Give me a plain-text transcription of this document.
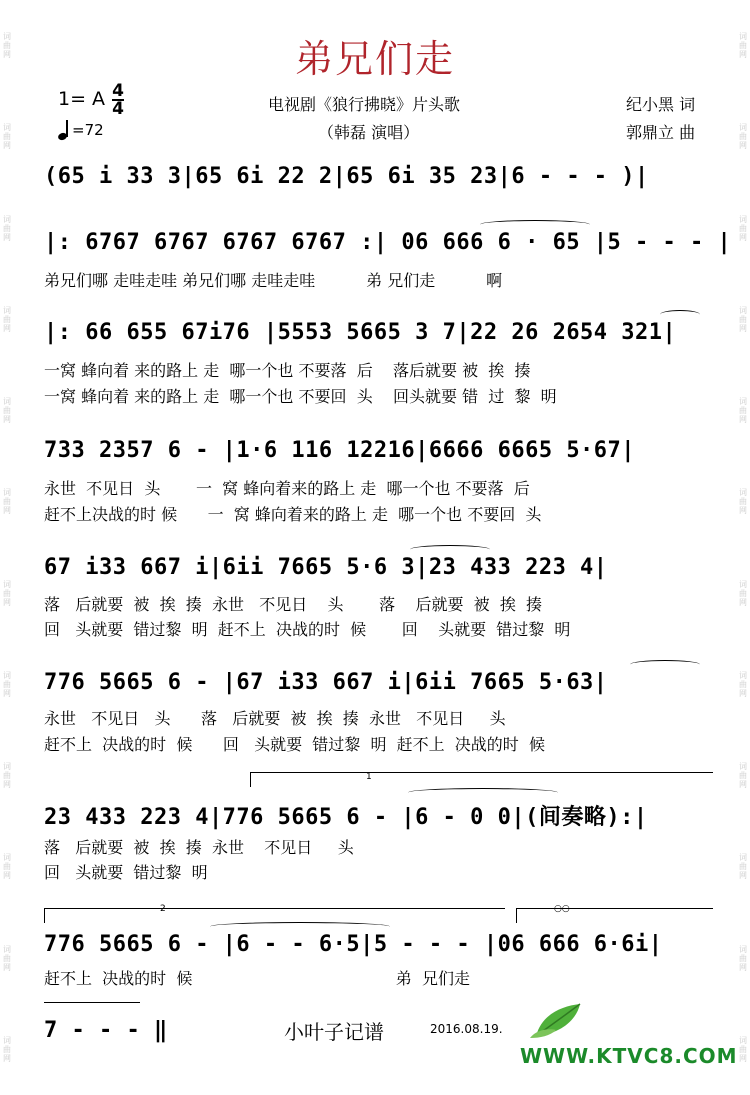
词
曲
网
词
曲
网
词
曲
网
词
曲
网
词
曲
网
词
曲
网
词
曲
网
词
曲
网
词
曲
网
词
曲
网
词
曲
网
词
曲
网
词
曲
网
词
曲
网
词
曲
网
词
曲
网
词
曲
网
词
曲
网
词
曲
网
词
曲
网
词
曲
网
词
曲
网
词
曲
网
词
曲
网
弟兄们走
1= A 4
4
=72
电视剧《狼行拂晓》片头歌
（韩磊 演唱）
纪小黑 词
郭鼎立 曲
(65 i 33 3|65 6i 22 2|65 6i 35 23|6 - - - )|
|: 6767 6767 6767 6767 :| 06 666 6 · 65 |5 - - - |
弟兄们哪 走哇走哇 弟兄们哪 走哇走哇          弟 兄们走          啊
|: 66 655 67i76 |5553 5665 3 7|22 26 2654 321|
一窝 蜂向着 来的路上 走  哪一个也 不要落  后    落后就要 被  挨  揍
一窝 蜂向着 来的路上 走  哪一个也 不要回  头    回头就要 错  过  黎  明
733 2357 6 - |1·6 116 12216|6666 6665 5·67|
永世  不见日  头       一  窝 蜂向着来的路上 走  哪一个也 不要落  后
赶不上决战的时 候      一  窝 蜂向着来的路上 走  哪一个也 不要回  头
67 i33 667 i|6ii 7665 5·6 3|23 433 223 4|
落   后就要  被  挨  揍  永世   不见日    头       落    后就要  被  挨  揍
回   头就要  错过黎  明  赶不上  决战的时  候       回    头就要  错过黎  明
776 5665 6 - |67 i33 667 i|6ii 7665 5·63|
永世   不见日   头      落   后就要  被  挨  揍  永世   不见日     头
赶不上  决战的时  候      回   头就要  错过黎  明  赶不上  决战的时  候
1
23 433 223 4|776 5665 6 - |6 - 0 0|(间奏略):|
落   后就要  被  挨  揍  永世    不见日     头
回   头就要  错过黎  明
2	○○
776 5665 6 - |6 - - 6·5|5 - - - |06 666 6·6i|
赶不上  决战的时  候                                        弟  兄们走
7 - - - ‖	小叶子记谱	2016.08.19.
WWW.KTVC8.COM
